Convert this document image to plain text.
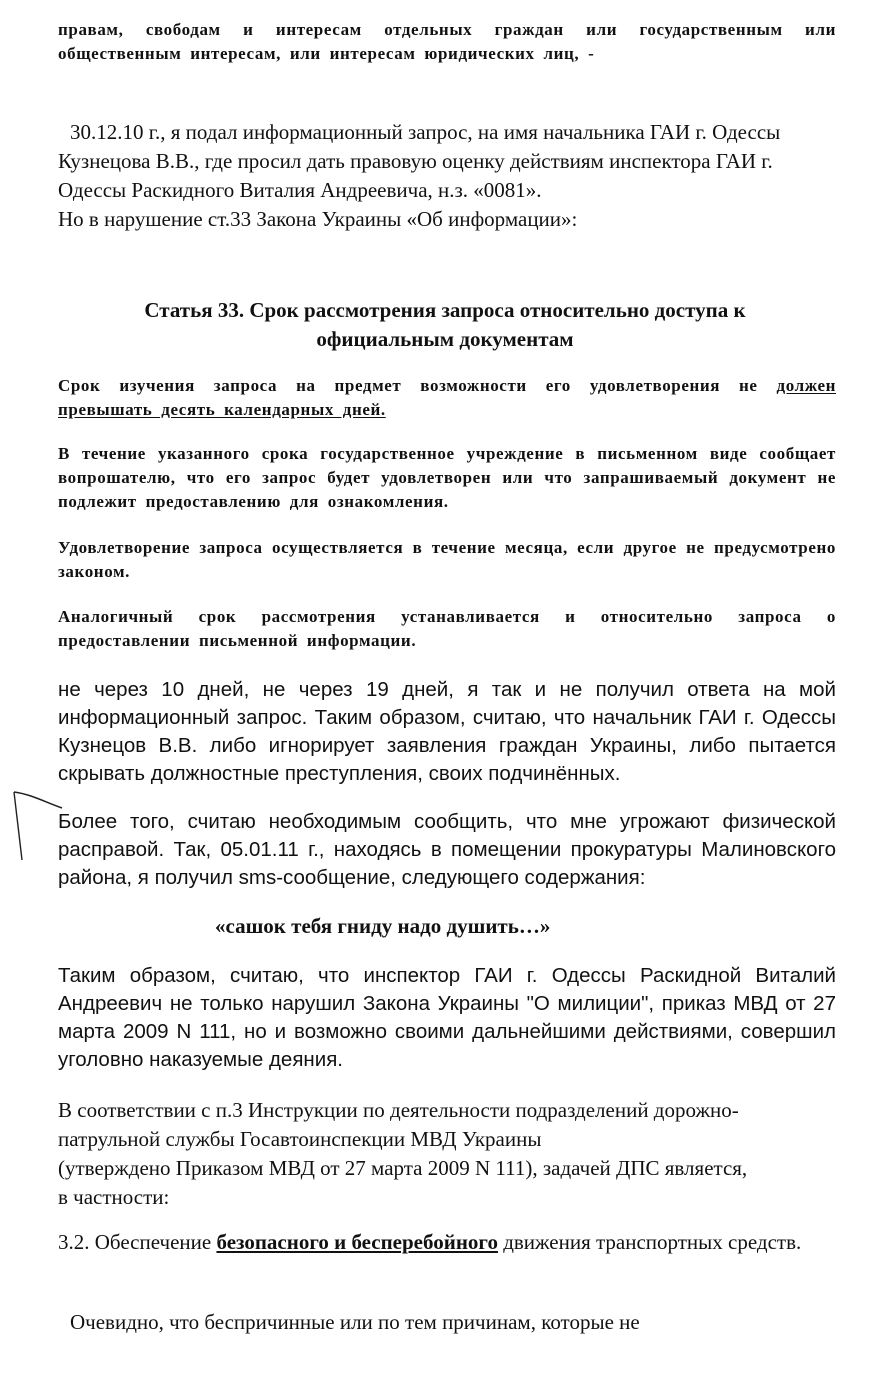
правам, свободам и интересам отдельных граждан или государственным или общественным интересам, или интересам юридических лиц, -

30.12.10 г., я подал информационный запрос, на имя начальника ГАИ г. Одессы Кузнецова В.В., где просил дать правовую оценку действиям инспектора ГАИ г. Одессы Раскидного Виталия Андреевича, н.з. «0081».
Но в нарушение ст.33 Закона Украины «Об информации»:
Статья 33. Срок рассмотрения запроса относительно доступа к
официальным документам

Срок изучения запроса на предмет возможности его удовлетворения не должен превышать десять календарных дней.

В течение указанного срока государственное учреждение в письменном виде сообщает вопрошателю, что его запрос будет удовлетворен или что запрашиваемый документ не подлежит предоставлению для ознакомления.

Удовлетворение запроса осуществляется в течение месяца, если другое не предусмотрено законом.

Аналогичный срок рассмотрения устанавливается и относительно запроса о предоставлении письменной информации.

не через 10 дней, не через 19 дней, я так и не получил ответа на мой информационный запрос. Таким образом, считаю, что начальник ГАИ г. Одессы Кузнецов В.В. либо игнорирует заявления граждан Украины, либо пытается скрывать должностные преступления, своих подчинённых.

Более того, считаю необходимым сообщить, что мне угрожают физической расправой. Так, 05.01.11 г., находясь в помещении прокуратуры Малиновского района, я получил sms-сообщение, следующего содержания:

«сашок тебя гниду надо душить…»

Таким образом, считаю, что инспектор ГАИ г. Одессы Раскидной Виталий Андреевич не только нарушил Закона Украины "О милиции", приказ МВД от 27 марта 2009 N 111, но и возможно своими дальнейшими действиями, совершил уголовно наказуемые деяния.

В соответствии с п.3 Инструкции по деятельности подразделений дорожно-
патрульной службы Госавтоинспекции МВД Украины
(утверждено Приказом МВД от 27 марта 2009 N 111), задачей ДПС является,
в частности:

3.2. Обеспечение безопасного и бесперебойного движения транспортных средств.

Очевидно, что беспричинные или по тем причинам, которые не
